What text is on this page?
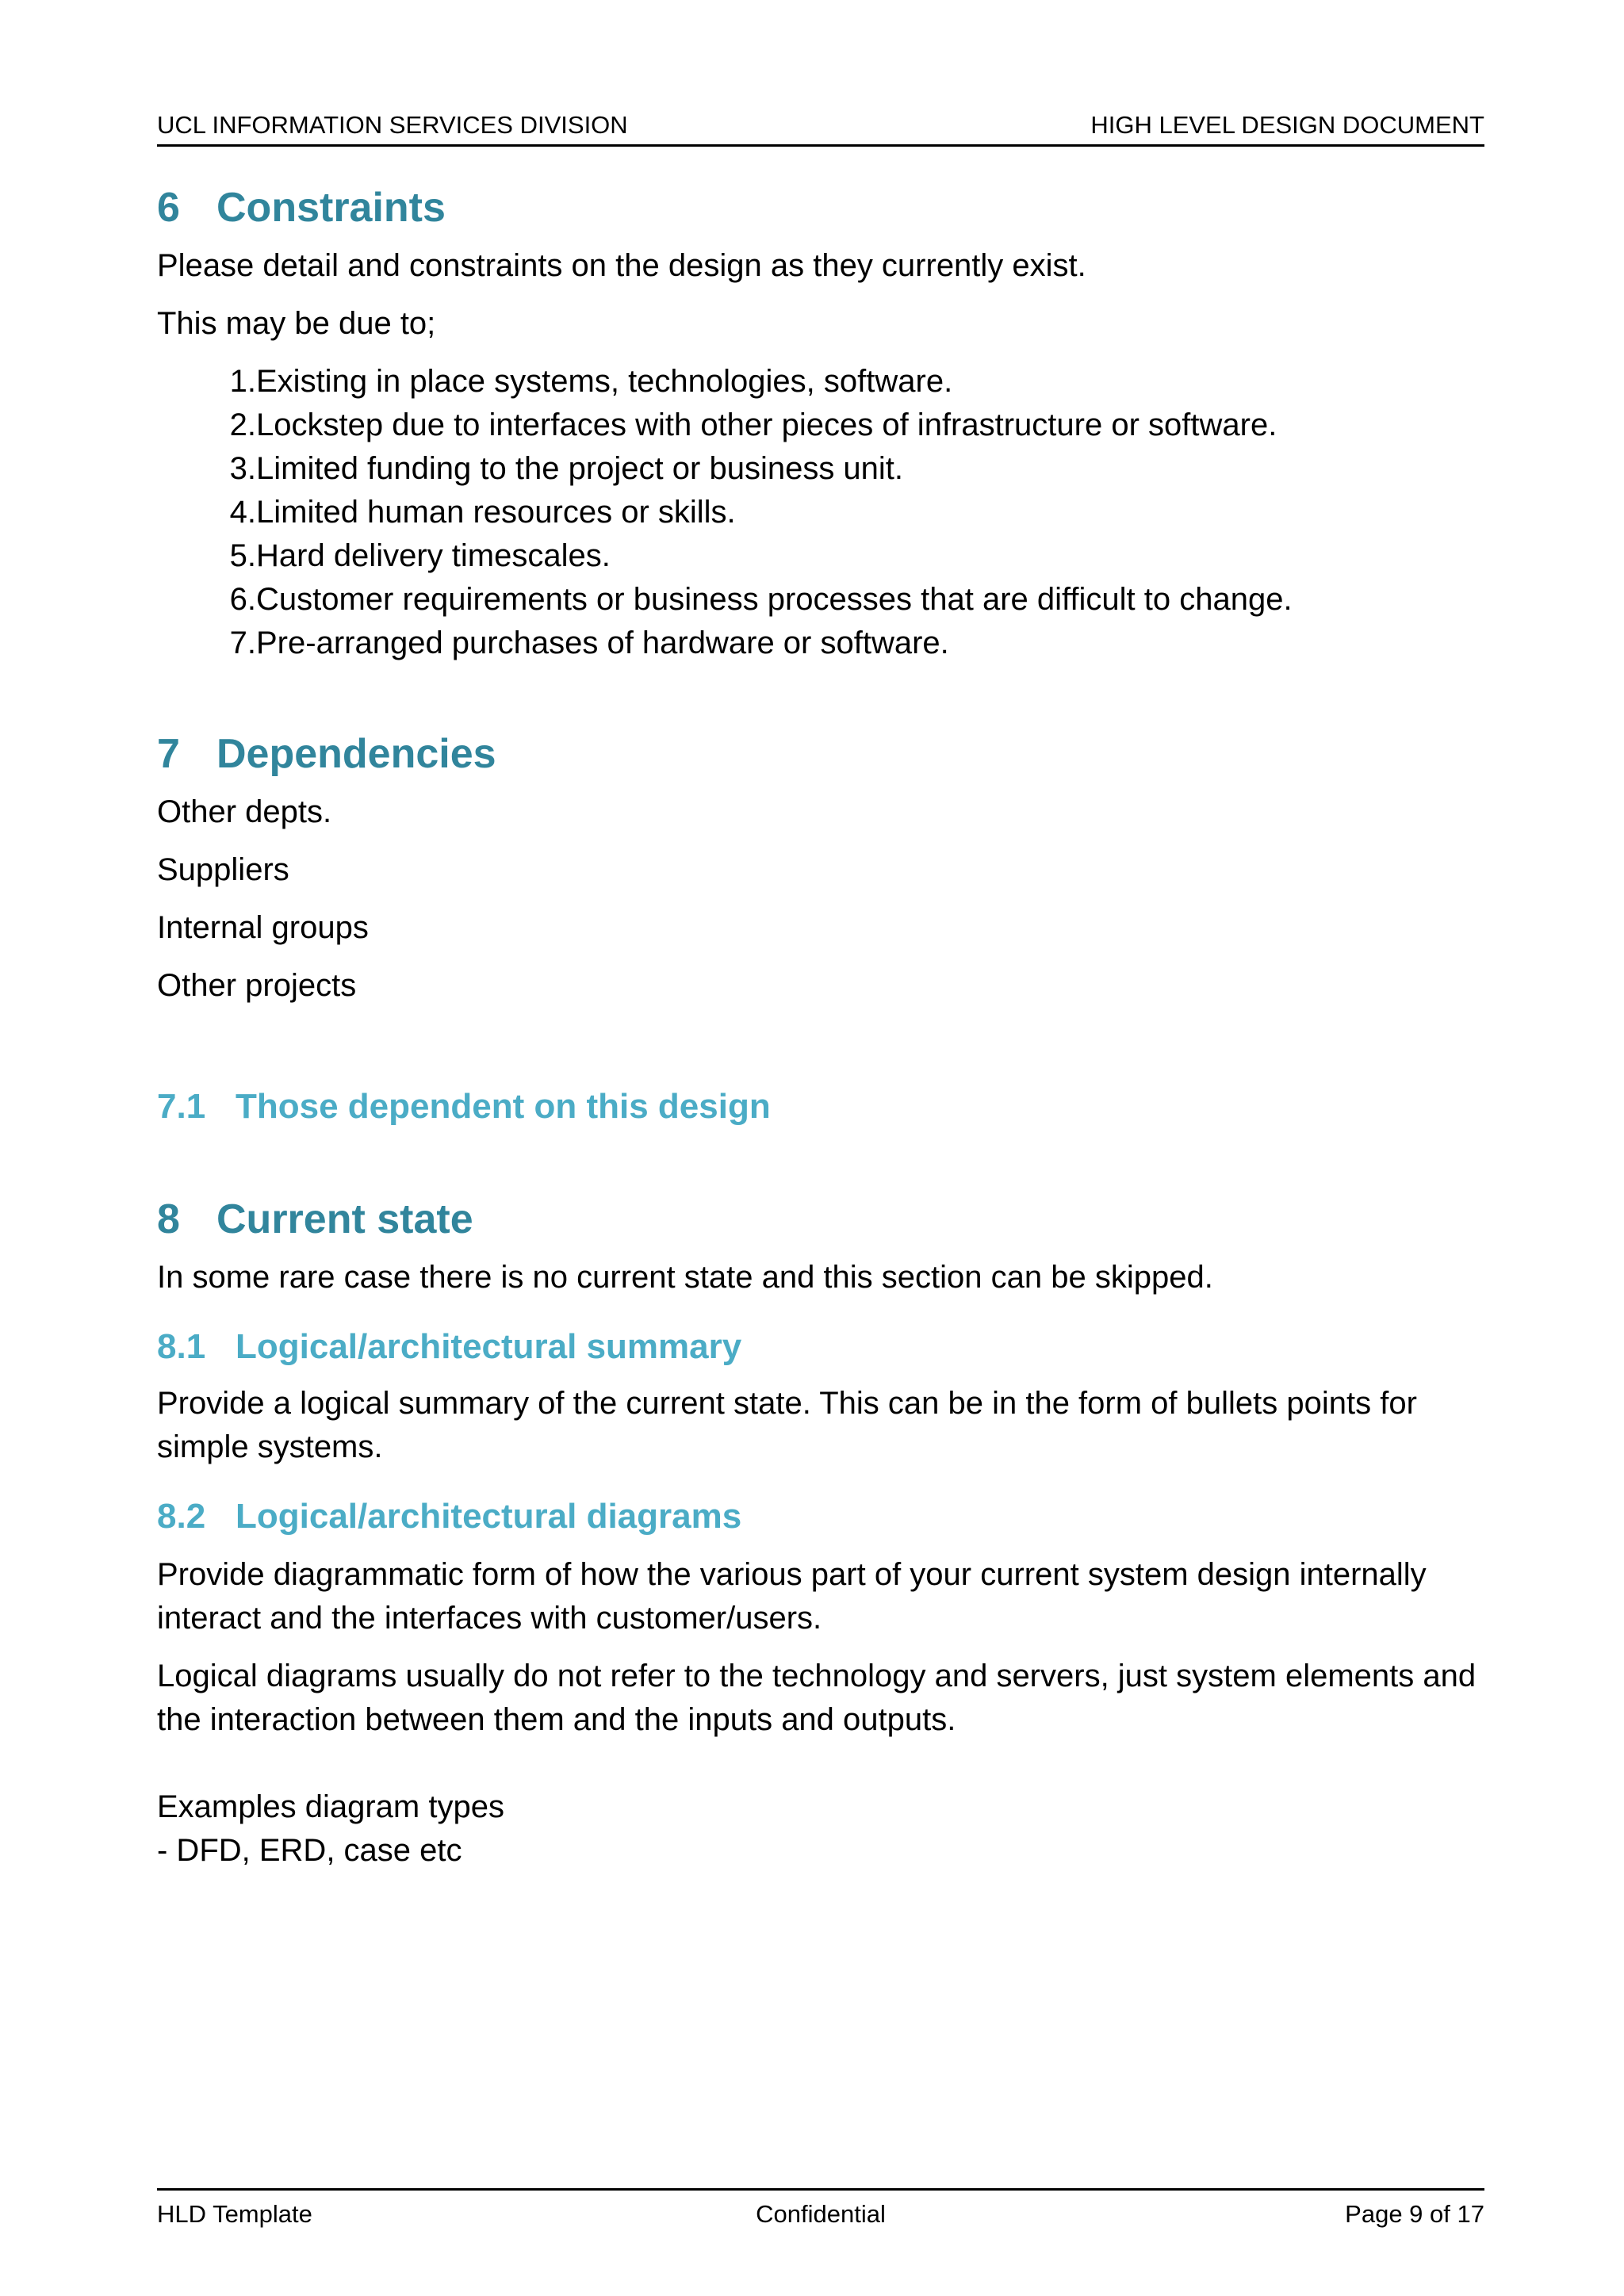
UCL INFORMATION SERVICES DIVISION	HIGH LEVEL DESIGN DOCUMENT
6 Constraints

Please detail and constraints on the design as they currently exist.

This may be due to;

1. Existing in place systems, technologies, software.
2. Lockstep due to interfaces with other pieces of infrastructure or software.
3. Limited funding to the project or business unit.
4. Limited human resources or skills.
5. Hard delivery timescales.
6. Customer requirements or business processes that are difficult to change.
7. Pre-arranged purchases of hardware or software.
7 Dependencies

Other depts.

Suppliers

Internal groups

Other projects

7.1 Those dependent on this design
8 Current state

In some rare case there is no current state and this section can be skipped.

8.1 Logical/architectural summary

Provide a logical summary of the current state. This can be in the form of bullets points for simple systems.

8.2 Logical/architectural diagrams

Provide diagrammatic form of how the various part of your current system design internally interact and the interfaces with customer/users.

Logical diagrams usually do not refer to the technology and servers, just system elements and the interaction between them and the inputs and outputs.

Examples diagram types

- DFD, ERD, case etc

HLD Template	Confidential	Page 9 of 17
